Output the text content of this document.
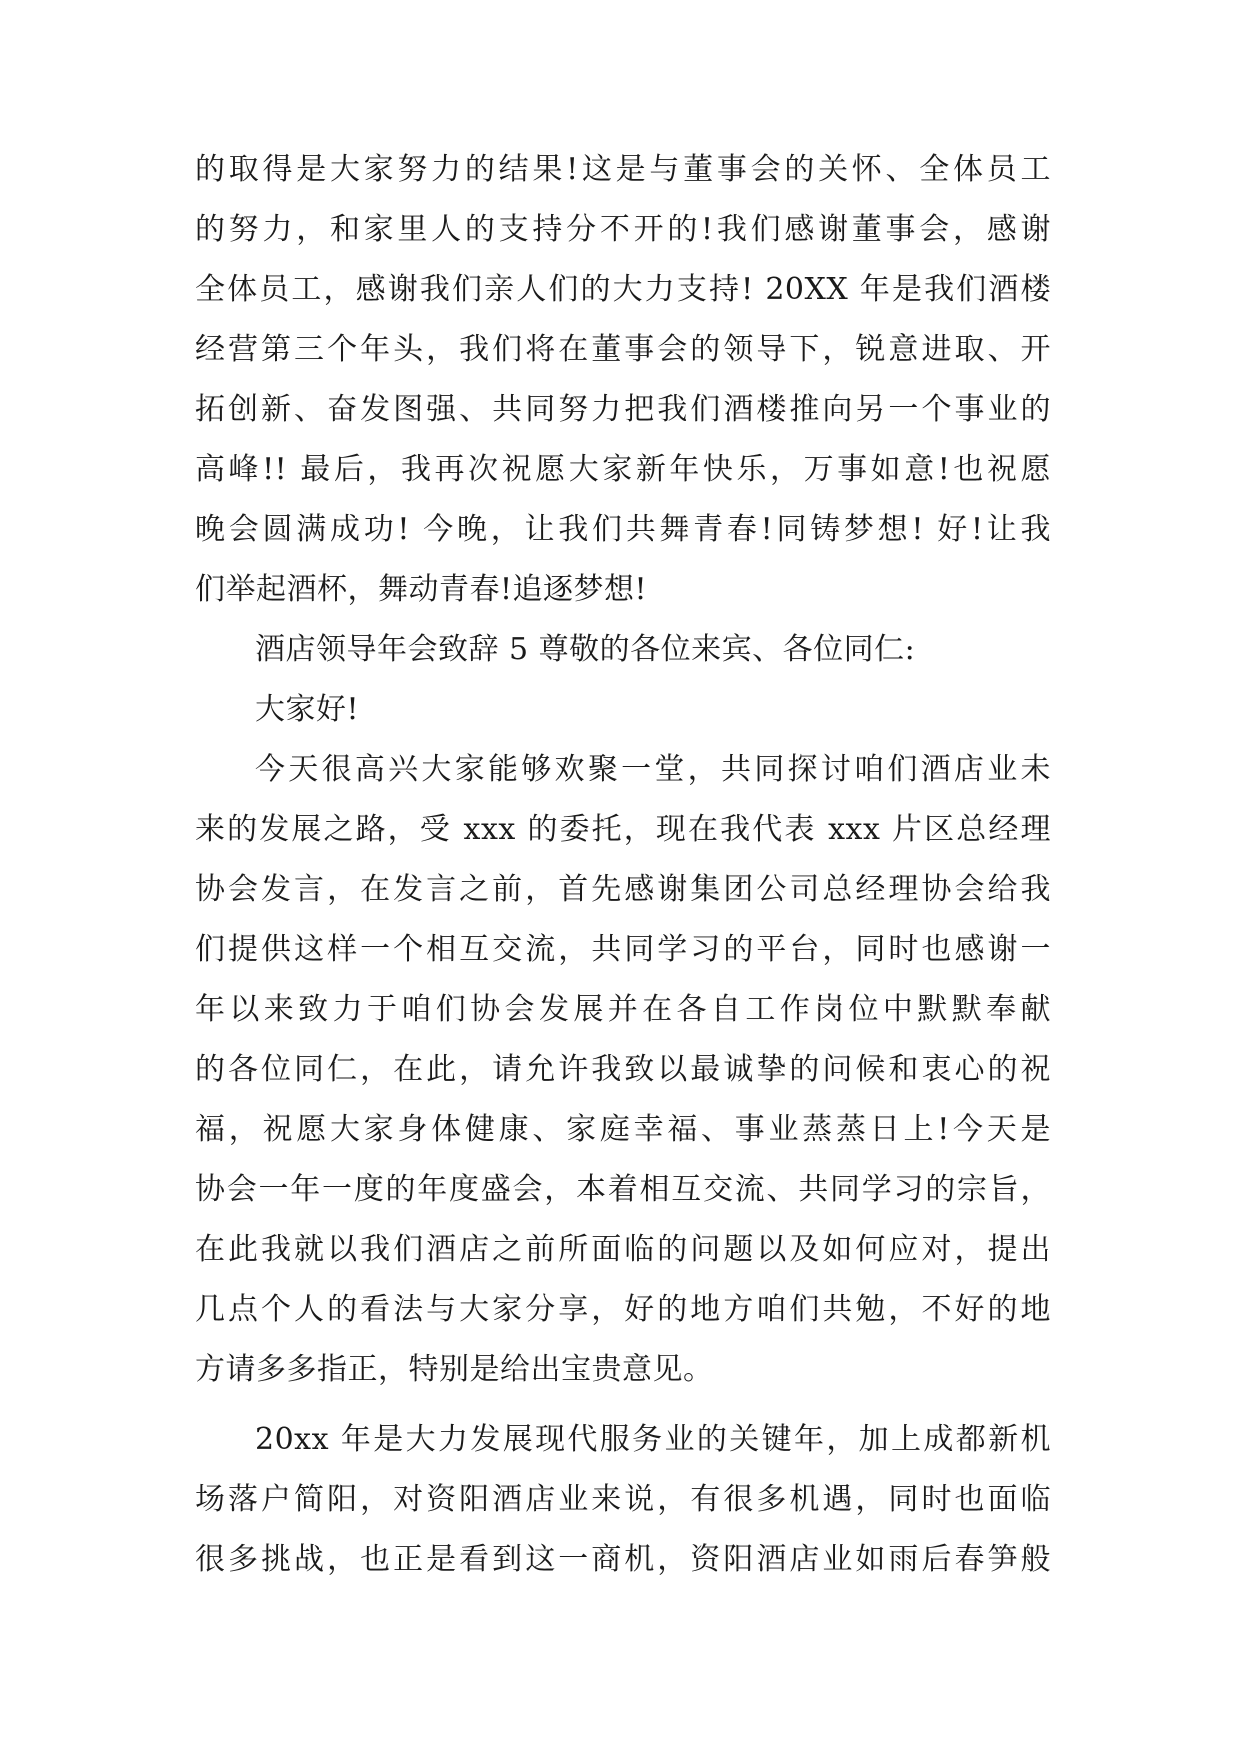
的取得是大家努力的结果!这是与董事会的关怀、全体员工
的努力，和家里人的支持分不开的!我们感谢董事会，感谢
全体员工，感谢我们亲人们的大力支持! 20XX 年是我们酒楼
经营第三个年头，我们将在董事会的领导下，锐意进取、开
拓创新、奋发图强、共同努力把我们酒楼推向另一个事业的
高峰!! 最后，我再次祝愿大家新年快乐，万事如意!也祝愿
晚会圆满成功! 今晚，让我们共舞青春!同铸梦想! 好!让我
们举起酒杯，舞动青春!追逐梦想!
酒店领导年会致辞 5 尊敬的各位来宾、各位同仁:
大家好!
今天很高兴大家能够欢聚一堂，共同探讨咱们酒店业未
来的发展之路，受 xxx 的委托，现在我代表 xxx 片区总经理
协会发言，在发言之前，首先感谢集团公司总经理协会给我
们提供这样一个相互交流，共同学习的平台，同时也感谢一
年以来致力于咱们协会发展并在各自工作岗位中默默奉献
的各位同仁，在此，请允许我致以最诚挚的问候和衷心的祝
福，祝愿大家身体健康、家庭幸福、事业蒸蒸日上!今天是
协会一年一度的年度盛会，本着相互交流、共同学习的宗旨，
在此我就以我们酒店之前所面临的问题以及如何应对，提出
几点个人的看法与大家分享，好的地方咱们共勉，不好的地
方请多多指正，特别是给出宝贵意见。
20xx 年是大力发展现代服务业的关键年，加上成都新机
场落户简阳，对资阳酒店业来说，有很多机遇，同时也面临
很多挑战，也正是看到这一商机，资阳酒店业如雨后春笋般
